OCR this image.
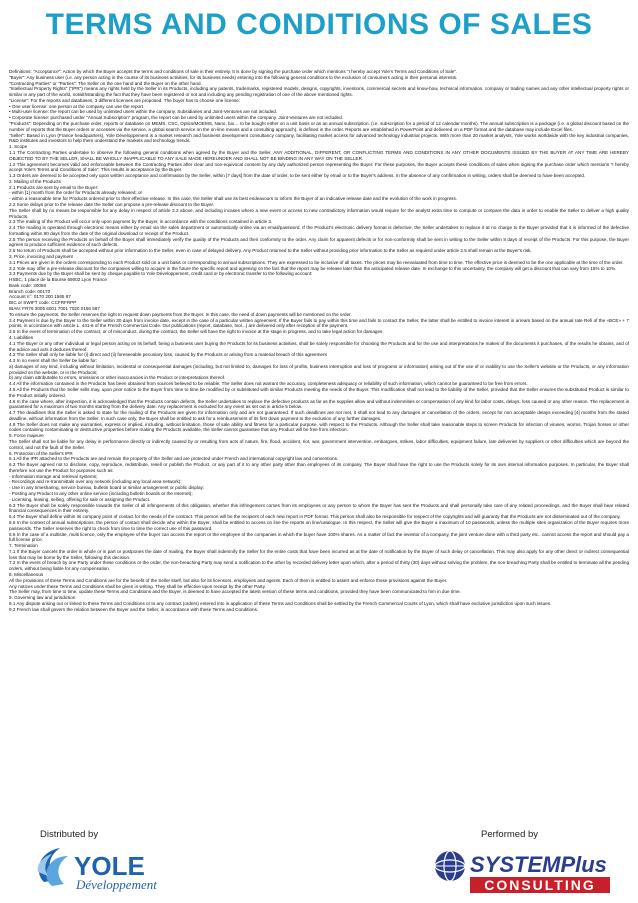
TERMS AND CONDITIONS OF SALES

Definitions: "Acceptance": Action by which the Buyer accepts the terms and conditions of sale in their entirety. It is done by signing the purchase order which mentions "I hereby accept Yole's Terms and Conditions of Sale".

"Buyer": Any business user (i.e. any person acting in the course of its business activities, for its business needs) entering into the following general conditions to the exclusion of consumers acting in their personal interests.

"Contracting Parties" or "Parties": The Seller on the one hand and the Buyer on the other hand.

"Intellectual Property Rights" ("IPR") means any rights held by the Seller in its Products, including any patents, trademarks, registered models, designs, copyrights, inventions, commercial secrets and know-how, technical information, company or trading names and any other intellectual property rights or similar in any part of the world, notwithstanding the fact that they have been registered or not and including any pending registration of one of the above mentioned rights.

"License": For the reports and databases, 3 different licenses are proposed. The buyer has to choose one license:

• One user license: one person at the company can use the report.

• Multi-user license: the report can be used by unlimited users within the company. Subsidiaries and Joint-Ventures are not included.

• Corporate license: purchased under "Annual Subscription" program, the report can be used by unlimited users within the company. Joint-Ventures are not included.

"Products": Depending on the purchase order, reports or database on MEMS, CSC, Optics/MOEMS, Nano, bio… to be bought either on a unit basis or as an annual subscription. (i.e. subscription for a period of 12 calendar months). The annual subscription is a package (i.e. a global discount based on the number of reports that the Buyer orders or accesses via the service, a global search service on the on-line means and a consulting approach), is defined in the order. Reports are established in PowerPoint and delivered on a PDF format and the database may include Excel files.

"Seller": Based in Lyon (France headquarters), Yole Développement is a market research and business development consultancy company, facilitating market access for advanced technology industrial projects. With more than 20 market analysts, Yole works worldwide with the key industrial companies, R&D institutes and investors to help them understand the markets and technology trends.

1. Scope

1.1 The Contracting Parties undertake to observe the following general conditions when agreed by the Buyer and the Seller. ANY ADDITIONAL, DIFFERENT, OR CONFLICTING TERMS AND CONDITIONS IN ANY OTHER DOCUMENTS ISSUED BY THE BUYER AT ANY TIME ARE HEREBY OBJECTED TO BY THE SELLER, SHALL BE WHOLLY INAPPLICABLE TO ANY SALE MADE HEREUNDER AND SHALL NOT BE BINDING IN ANY WAY ON THE SELLER.

1.2 This agreement becomes valid and enforceable between the Contracting Parties after clear and non-equivocal consent by any duly authorized person representing the Buyer. For these purposes, the Buyer accepts these conditions of sales when signing the purchase order which mentions "I hereby accept Yole's Terms and Conditions of Sale". This results in acceptance by the Buyer.

1.3 Orders are deemed to be accepted only upon written acceptance and confirmation by the Seller, within [7 days] from the date of order, to be sent either by email or to the Buyer's address. In the absence of any confirmation in writing, orders shall be deemed to have been accepted.

2. Mailing of the Products

2.1 Products are sent by email to the Buyer:

- within [1] month from the order for Products already released; or

- within a reasonable time for Products ordered prior to their effective release. In this case, the Seller shall use its best endeavours to inform the Buyer of an indicative release date and the evolution of the work in progress.

2.2 Some delays prior to the release date the Seller can propose a pre-release discount to the Buyer.

The Seller shall by no means be responsible for any delay in respect of article 2.2 above, and including incases where a new event or access to new contradictory information would require for the analyst extra time to compute or compare the data in order to enable the Seller to deliver a high quality Products.

2.3 The mailing of the Product will occur only upon payment by the Buyer, in accordance with the conditions contained in article 3.

2.4 The mailing is operated through electronic means either by email via the sales department or automatically online via an email/password. If the Product's electronic delivery format is defective, the Seller undertakes to replace it at no charge to the Buyer provided that it is informed of the defective formatting within 90 days from the date of the original download or receipt of the Product.

2.5 The person receiving the Products on behalf of the Buyer shall immediately verify the quality of the Products and their conformity to the order. Any claim for apparent defects or for non-conformity shall be sent in writing to the Seller within 8 days of receipt of the Products. For this purpose, the Buyer agrees to produce sufficient evidence of such defects.

2.6 No return of Products shall be accepted without prior information to the Seller, even in case of delayed delivery. Any Product returned to the Seller without providing prior information to the Seller as required under article 2.5 shall remain at the Buyer's risk.

3. Price, invoicing and payment

3.1 Prices are given in the orders corresponding to each Product sold on a unit basis or corresponding to annual subscriptions. They are expressed to be inclusive of all taxes. The prices may be reevaluated from time to time. The effective price is deemed to be the one applicable at the time of the order.

3.2 Yole may offer a pre-release discount for the companies willing to acquire in the future the specific report and agreeing on the fact that the report may be release later than the anticipated release date. In exchange to this uncertainty, the company will get a discount that can vary from 15% to 10%.

3.3 Payments due by the Buyer shall be sent by cheque payable to Yole Développement, credit card or by electronic transfer to the following account:

HSBC, 1 place de la Bourse 69002 Lyon France

Bank code: 30056

Branch code: 00170

Account n°: 0170 200 1565 87

BIC or SWIFT code: CCFRFRPP

IBAN: FR76 3005 6001 7001 7020 0156 587

To ensure the payments, the Seller reserves the right to request down payments from the Buyer. In this case, the need of down payments will be mentioned on the order.

3.4 Payment is due by the Buyer to the Seller within 30 days from invoice date, except in the case of a particular written agreement. If the Buyer fails to pay within this time and fails to contact the Seller, the latter shall be entitled to invoice interest in arrears based on the annual rate Refi of the «BCE» + 7 points, in accordance with article L. 441-6 of the French Commercial Code. Our publications (report, database, tool...) are delivered only after reception of the payment.

3.5 In the event of termination of the contract, or of misconduct, during the contract, the Seller will have the right to invoice at the stage in progress, and to take legal action for damages.

4. Liabilities

4.1 The Buyer or any other individual or legal person acting on its behalf, being a business user buying the Products for its business activities, shall be solely responsible for choosing the Products and for the use and interpretations he makes of the documents it purchases, of the results he obtains, and of the advice and acts it deduces thereof.

4.2 The Seller shall only be liable for (i) direct and (ii) foreseeable pecuniary loss, caused by the Products or arising from a material breach of this agreement

4.3 In no event shall the Seller be liable for:

a) damages of any kind, including without limitation, incidental or consequential damages (including, but not limited to, damages for loss of profits, business interruption and loss of programs or information) arising out of the use of or inability to use the Seller's website or the Products, or any information provided on the website, or in the Products;

b) any claim attributable to errors, omissions or other inaccuracies in the Product or interpretations thereof.

4.4 All the information contained in the Products has been obtained from sources believed to be reliable. The Seller does not warrant the accuracy, completeness adequacy or reliability of such information, which cannot be guaranteed to be free from errors.

4.5 All the Products that the Seller sells may, upon prior notice to the Buyer from time to time be modified by or substituted with similar Products meeting the needs of the Buyer. This modification shall not lead to the liability of the Seller, provided that the Seller ensures the substituted Product is similar to the Product initially ordered.

4.6 In the case where, after inspection, it is acknowledged that the Products contain defects, the Seller undertakes to replace the defective products as far as the supplies allow and without indemnities or compensation of any kind for labor costs, delays, loss caused or any other reason. The replacement is guaranteed for a maximum of two months starting from the delivery date. Any replacement is excluded for any event as set out in article 5 below.

4.7 The deadlines that the Seller is asked to state for the mailing of the Products are given for information only and are not guaranteed. If such deadlines are not met, it shall not lead to any damages or cancellation of the orders, except for non acceptable delays exceeding [4] months from the stated deadline, without information from the Seller. In such case only, the Buyer shall be entitled to ask for a reimbursement of its first down payment to the exclusion of any further damages.

4.8 The Seller does not make any warranties, express or implied, including, without limitation, those of sale ability and fitness for a particular purpose, with respect to the Products. Although the Seller shall take reasonable steps to screen Products for infection of viruses, worms, Trojan horses or other codes containing contaminating or destructive properties before making the Products available, the Seller cannot guarantee that any Product will be free from infection.

5. Force majeure

The Seller shall not be liable for any delay in performance directly or indirectly caused by or resulting from acts of nature, fire, flood, accident, riot, war, government intervention, embargoes, strikes, labor difficulties, equipment failure, late deliveries by suppliers or other difficulties which are beyond the control, and not the fault of the Seller.

6. Protection of the Seller's IPR

6.1 All the IPR attached to the Products are and remain the property of the Seller and are protected under French and international copyright law and conventions.

6.2 The Buyer agreed not to disclose, copy, reproduce, redistribute, resell or publish the Product, or any part of it to any other party other than employees of its company. The Buyer shall have the right to use the Products solely for its own internal information purposes. In particular, the Buyer shall therefore not use the Product for purposes such as:

- Information storage and retrieval systems;

- Recordings and re-transmittals over any network (including any local area network);

- Use in any timesharing, service bureau, bulletin board or similar arrangement or public display;

- Posting any Product to any other online service (including bulletin boards or the Internet);

- Licensing, leasing, selling, offering for sale or assigning the Product.

6.3 The Buyer shall be solely responsible towards the Seller of all infringements of this obligation, whether this infringement comes from its employees or any person to whom the Buyer has sent the Products and shall personally take care of any related proceedings, and the Buyer shall bear related financial consequences in their entirety.

6.4 The Buyer shall define within its company point of contact for the needs of the contract. This person will be the recipient of each new report in PDF format. This person shall also be responsible for respect of the copyrights and will guaranty that the Products are not disseminated out of the company.

6.5 In the context of annual subscriptions, the person of contact shall decide who within the Buyer, shall be entitled to access on line the reports on line/catalogue. In this respect, the Seller will give the Buyer a maximum of 10 passwords, unless the multiple sites organization of the Buyer requires more passwords. The Seller reserves the right to check from time to time the correct use of this password.

6.6 In the case of a multisite, multi licence, only the employee of the buyer can access the report or the employee of the companies in which the buyer have 100% shares. As a matter of fact the investor of a company, the joint venture done with a third party etc.. cannot access the report and should pay a full license price.

7. Termination

7.1 If the Buyer cancels the order in whole or in part or postpones the date of mailing, the Buyer shall indemnify the Seller for the entire costs that have been incurred as at the date of notification by the Buyer of such delay or cancellation. This may also apply for any other direct or indirect consequential loss that may be borne by the Seller, following this decision.

7.2 In the event of breach by one Party under these conditions or the order, the non-breaching Party may send a notification to the other by recorded delivery letter upon which, after a period of thirty (30) days without solving the problem, the non-breaching Party shall be entitled to terminate all the pending orders, without being liable for any compensation.

8. Miscellaneous

All the provisions of these Terms and Conditions are for the benefit of the Seller itself, but also for its licensors, employees and agents. Each of them is entitled to assert and enforce those provisions against the Buyer.

Any notices under these Terms and Conditions shall be given in writing. They shall be effective upon receipt by the other Party.

The Seller may, from time to time, update these Terms and Conditions and the Buyer, is deemed to have accepted the latest version of these terms and conditions, provided they have been communicated to him in due time.

9. Governing law and jurisdiction

9.1 Any dispute arising out or linked to these Terms and Conditions or to any contract (orders) entered into in application of these Terms and Conditions shall be settled by the French Commercial Courts of Lyon, which shall have exclusive jurisdiction upon such issues.

9.2 French law shall govern the relation between the Buyer and the Seller, in accordance with these Terms and Conditions.

Distributed by
YOLE
Développement
Performed by
SYSTEMPlus
CONSULTING
